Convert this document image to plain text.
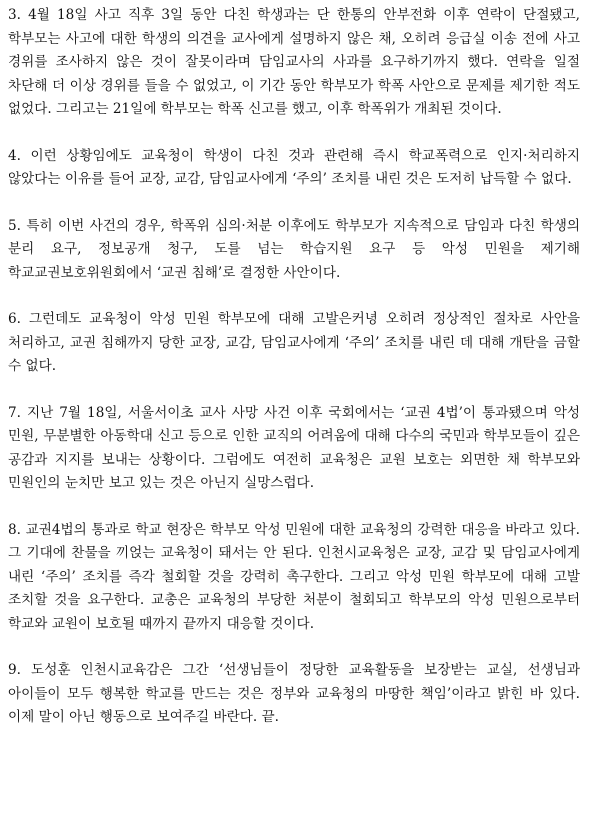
3. 4월 18일 사고 직후 3일 동안 다친 학생과는 단 한통의 안부전화 이후 연락이 단절됐고, 학부모는 사고에 대한 학생의 의견을 교사에게 설명하지 않은 채, 오히려 응급실 이송 전에 사고 경위를 조사하지 않은 것이 잘못이라며 담임교사의 사과를 요구하기까지 했다. 연락을 일절 차단해 더 이상 경위를 들을 수 없었고, 이 기간 동안 학부모가 학폭 사안으로 문제를 제기한 적도 없었다. 그리고는 21일에 학부모는 학폭 신고를 했고, 이후 학폭위가 개최된 것이다.

4. 이런 상황임에도 교육청이 학생이 다친 것과 관련해 즉시 학교폭력으로 인지·처리하지 않았다는 이유를 들어 교장, 교감, 담임교사에게 ‘주의’ 조치를 내린 것은 도저히 납득할 수 없다.

5. 특히 이번 사건의 경우, 학폭위 심의·처분 이후에도 학부모가 지속적으로 담임과 다친 학생의 분리 요구, 정보공개 청구, 도를 넘는 학습지원 요구 등 악성 민원을 제기해 학교교권보호위원회에서 ‘교권 침해’로 결정한 사안이다.

6. 그런데도 교육청이 악성 민원 학부모에 대해 고발은커녕 오히려 정상적인 절차로 사안을 처리하고, 교권 침해까지 당한 교장, 교감, 담임교사에게 ‘주의’ 조치를 내린 데 대해 개탄을 금할 수 없다.

7. 지난 7월 18일, 서울서이초 교사 사망 사건 이후 국회에서는 ‘교권 4법’이 통과됐으며 악성 민원, 무분별한 아동학대 신고 등으로 인한 교직의 어려움에 대해 다수의 국민과 학부모들이 깊은 공감과 지지를 보내는 상황이다. 그럼에도 여전히 교육청은 교원 보호는 외면한 채 학부모와 민원인의 눈치만 보고 있는 것은 아닌지 실망스럽다.

8. 교권4법의 통과로 학교 현장은 학부모 악성 민원에 대한 교육청의 강력한 대응을 바라고 있다. 그 기대에 찬물을 끼얹는 교육청이 돼서는 안 된다. 인천시교육청은 교장, 교감 및 담임교사에게 내린 ‘주의’ 조치를 즉각 철회할 것을 강력히 촉구한다. 그리고 악성 민원 학부모에 대해 고발 조치할 것을 요구한다. 교총은 교육청의 부당한 처분이 철회되고 학부모의 악성 민원으로부터 학교와 교원이 보호될 때까지 끝까지 대응할 것이다.

9. 도성훈 인천시교육감은 그간 ‘선생님들이 정당한 교육활동을 보장받는 교실, 선생님과 아이들이 모두 행복한 학교를 만드는 것은 정부와 교육청의 마땅한 책임’이라고 밝힌 바 있다. 이제 말이 아닌 행동으로 보여주길 바란다. 끝.
